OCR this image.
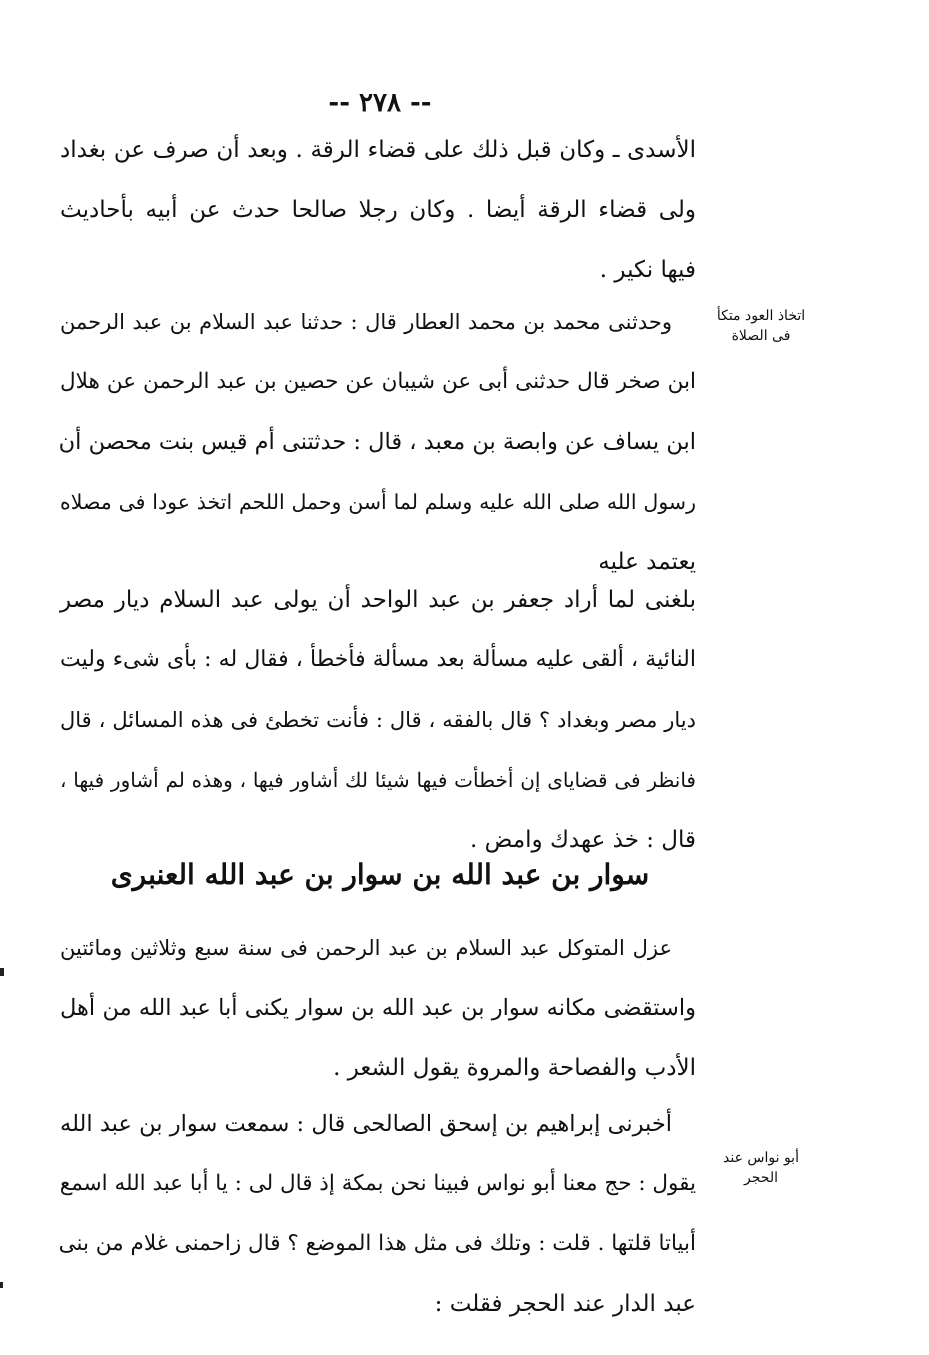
-- ٢٧٨ --
الأسدى ـ وكان قبل ذلك على قضاء الرقة . وبعد أن صرف عن بغداد
ولى قضاء الرقة أيضا . وكان رجلا صالحا حدث عن أبيه بأحاديث
فيها نكير .
اتخاذ العود متكأ فى الصلاة
وحدثنى محمد بن محمد العطار قال : حدثنا عبد السلام بن عبد الرحمن
ابن صخر قال حدثنى أبى عن شيبان عن حصين بن عبد الرحمن عن هلال
ابن يساف عن وابصة بن معبد ، قال : حدثتنى أم قيس بنت محصن أن
رسول الله صلى الله عليه وسلم لما أسن وحمل اللحم اتخذ عودا فى مصلاه
يعتمد عليه
بلغنى لما أراد جعفر بن عبد الواحد أن يولى عبد السلام ديار مصر
النائية ، ألقى عليه مسألة بعد مسألة فأخطأ ، فقال له : بأى شىء وليت
ديار مصر وبغداد ؟ قال بالفقه ، قال : فأنت تخطئ فى هذه المسائل ، قال
فانظر فى قضاياى إن أخطأت فيها شيئا لك أشاور فيها ، وهذه لم أشاور فيها ،
قال : خذ عهدك وامض .
سوار بن عبد الله بن سوار بن عبد الله العنبرى
عزل المتوكل عبد السلام بن عبد الرحمن فى سنة سبع وثلاثين ومائتين
واستقضى مكانه سوار بن عبد الله بن سوار يكنى أبا عبد الله من أهل
الأدب والفصاحة والمروة يقول الشعر .
أبو نواس عند الحجر
أخبرنى إبراهيم بن إسحق الصالحى قال : سمعت سوار بن عبد الله
يقول : حج معنا أبو نواس فبينا نحن بمكة إذ قال لى : يا أبا عبد الله اسمع
أبياتا قلتها . قلت : وتلك فى مثل هذا الموضع ؟ قال زاحمنى غلام من بنى
عبد الدار عند الحجر فقلت :
